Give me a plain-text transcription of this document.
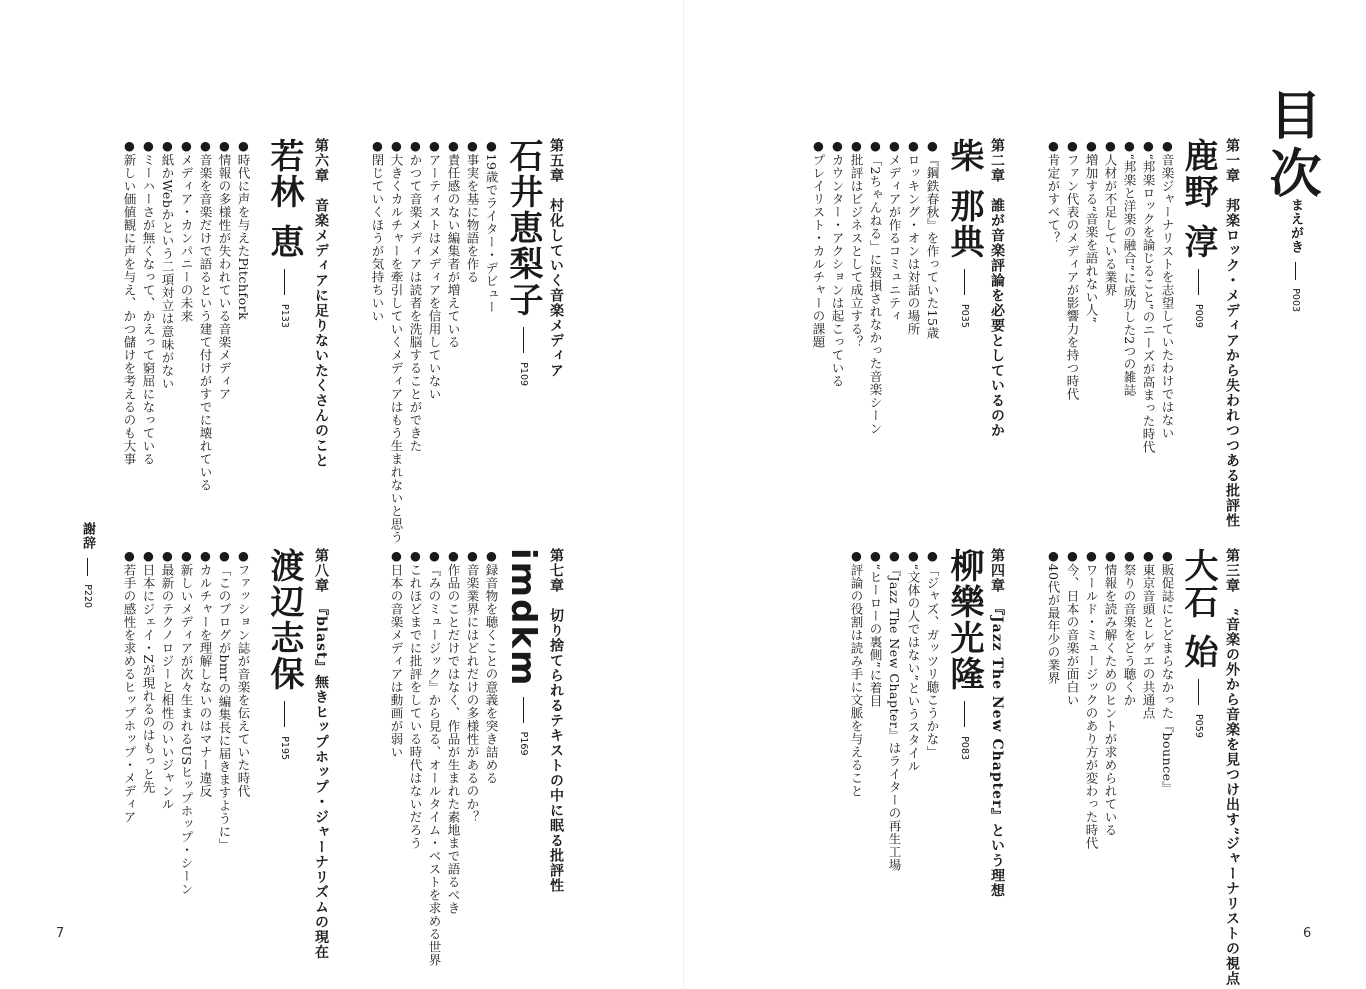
目次
まえがき  P003
第一章　邦楽ロック・メディアから失われつつある批評性
鹿野 淳  P009
●音楽ジャーナリストを志望していたわけではない
●“邦楽ロックを論じること”のニーズが高まった時代
●“邦楽と洋楽の融合”に成功した2つの雑誌
●人材が不足している業界
●増加する“音楽を語れない人”
●ファン代表のメディアが影響力を持つ時代
●肯定がすべて？
第二章　誰が音楽評論を必要としているのか
柴 那典  P035
●『鋼鉄春秋』を作っていた15歳
●ロッキング・オンは対話の場所
●メディアが作るコミュニティ
●「2ちゃんねる」に毀損されなかった音楽シーン
●批評はビジネスとして成立する？
●カウンター・アクションは起こっている
●プレイリスト・カルチャーの課題
第三章　“音楽の外から音楽を見つけ出す”ジャーナリストの視点
大石 始  P059
●販促誌にとどまらなかった『bounce』
●東京音頭とレゲエの共通点
●祭りの音楽をどう聴くか
●情報を読み解くためのヒントが求められている
●ワールド・ミュージックのあり方が変わった時代
●今、日本の音楽が面白い
●40代が最年少の業界
第四章　『Jazz The New Chapter』という理想
柳樂光隆  P083
●「ジャズ、ガッツリ聴こうかな」
●“文体の人ではない”というスタイル
●『Jazz The New Chapter』はライターの再生工場
●“ヒーローの裏側”に着目
●評論の役割は読み手に文脈を与えること
6
第五章　村化していく音楽メディア
石井恵梨子  P109
●19歳でライター・デビュー
●事実を基に物語を作る
●責任感のない編集者が増えている
●アーティストはメディアを信用していない
●かつて音楽メディアは読者を洗脳することができた
●大きくカルチャーを牽引していくメディアはもう生まれないと思う
●閉じていくほうが気持ちいい
第六章　音楽メディアに足りないたくさんのこと
若林 恵  P133
●時代に声を与えたPitchfork
●情報の多様性が失われている音楽メディア
●音楽を音楽だけで語るという建て付けがすでに壊れている
●メディア・カンパニーの未来
●紙かWebかという二項対立は意味がない
●ミーハーさが無くなって、かえって窮屈になっている
●新しい価値観に声を与え、かつ儲けを考えるのも大事
第七章　切り捨てられるテキストの中に眠る批評性
imdkm  P169
●録音物を聴くことの意義を突き詰める
●音楽業界にはどれだけの多様性があるのか？
●作品のことだけではなく、作品が生まれた素地まで語るべき
●『みのミュージック』から見る、オールタイム・ベストを求める世界
●これほどまでに批評をしている時代はないだろう
●日本の音楽メディアは動画が弱い
第八章　『blast』無きヒップホップ・ジャーナリズムの現在
渡辺志保  P195
●ファッション誌が音楽を伝えていた時代
●「このブログがbmrの編集長に届きますように」
●カルチャーを理解しないのはマナー違反
●新しいメディアが次々生まれるUSヒップホップ・シーン
●最新のテクノロジーと相性のいいジャンル
●日本にジェイ・Zが現れるのはもっと先
●若手の感性を求めるヒップホップ・メディア
謝辞  P220
7
